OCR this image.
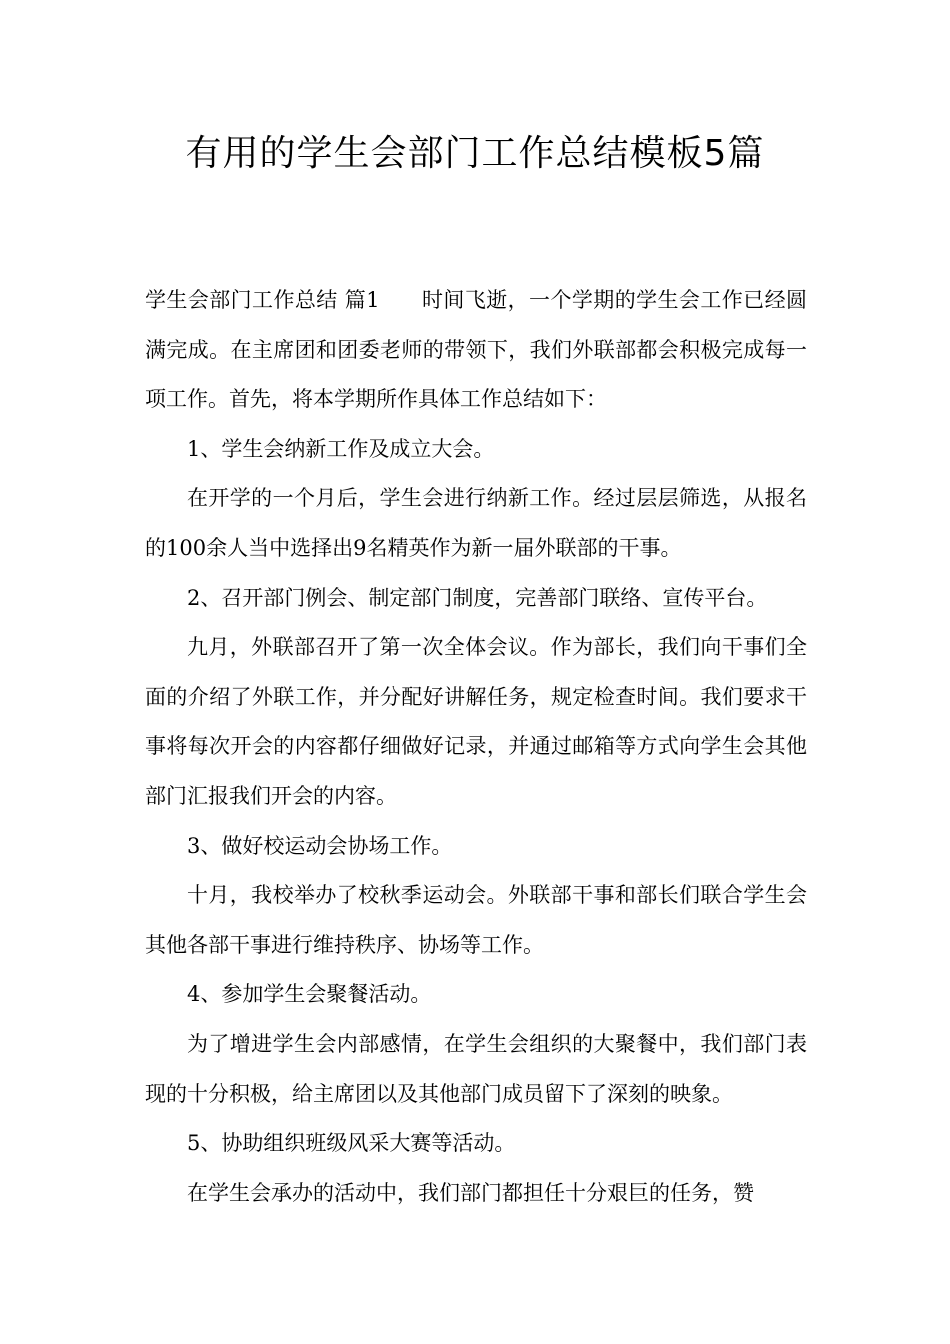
有用的学生会部门工作总结模板5篇

学生会部门工作总结 篇1 时间飞逝，一个学期的学生会工作已经圆满完成。在主席团和团委老师的带领下，我们外联部都会积极完成每一项工作。首先，将本学期所作具体工作总结如下：

1、学生会纳新工作及成立大会。

在开学的一个月后，学生会进行纳新工作。经过层层筛选，从报名的100余人当中选择出9名精英作为新一届外联部的干事。

2、召开部门例会、制定部门制度，完善部门联络、宣传平台。

九月，外联部召开了第一次全体会议。作为部长，我们向干事们全面的介绍了外联工作，并分配好讲解任务，规定检查时间。我们要求干事将每次开会的内容都仔细做好记录，并通过邮箱等方式向学生会其他部门汇报我们开会的内容。

3、做好校运动会协场工作。

十月，我校举办了校秋季运动会。外联部干事和部长们联合学生会其他各部干事进行维持秩序、协场等工作。

4、参加学生会聚餐活动。

为了增进学生会内部感情，在学生会组织的大聚餐中，我们部门表现的十分积极，给主席团以及其他部门成员留下了深刻的映象。

5、协助组织班级风采大赛等活动。

在学生会承办的活动中，我们部门都担任十分艰巨的任务，赞
